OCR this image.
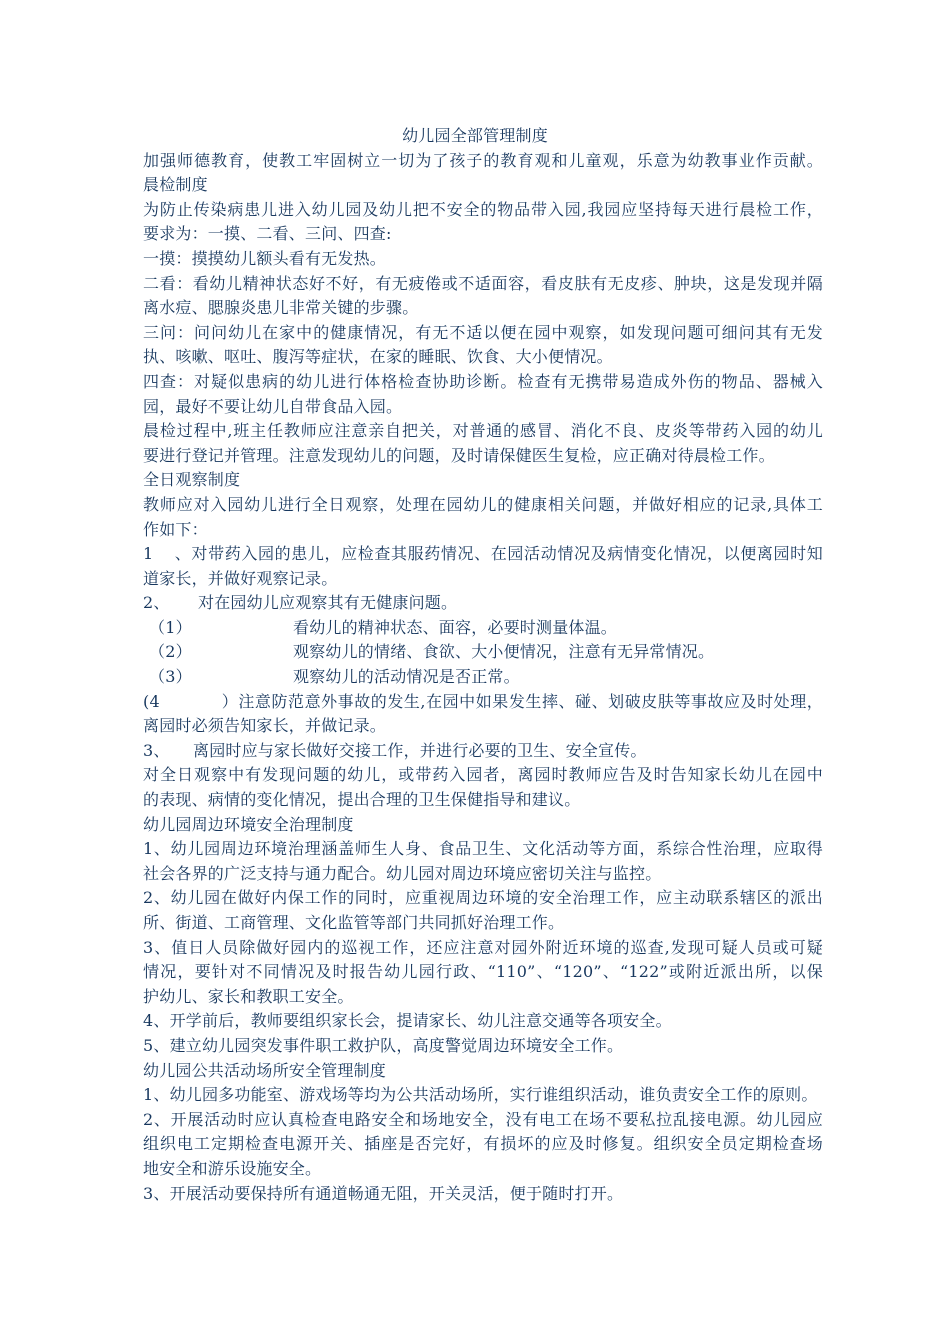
幼儿园全部管理制度
加强师德教育，使教工牢固树立一切为了孩子的教育观和儿童观，乐意为幼教事业作贡献。
晨检制度
为防止传染病患儿进入幼儿园及幼儿把不安全的物品带入园,我园应坚持每天进行晨检工作，
要求为：一摸、二看、三问、四查:
一摸：摸摸幼儿额头看有无发热。
二看：看幼儿精神状态好不好，有无疲倦或不适面容，看皮肤有无皮疹、肿块，这是发现并隔
离水痘、腮腺炎患儿非常关键的步骤。
三问：问问幼儿在家中的健康情况，有无不适以便在园中观察，如发现问题可细问其有无发
执、咳嗽、呕吐、腹泻等症状，在家的睡眠、饮食、大小便情况。
四查：对疑似患病的幼儿进行体格检查协助诊断。检查有无携带易造成外伤的物品、器械入
园，最好不要让幼儿自带食品入园。
晨检过程中,班主任教师应注意亲自把关，对普通的感冒、消化不良、皮炎等带药入园的幼儿
要进行登记并管理。注意发现幼儿的问题，及时请保健医生复检，应正确对待晨检工作。
全日观察制度
教师应对入园幼儿进行全日观察，处理在园幼儿的健康相关问题，并做好相应的记录,具体工
作如下：
1、对带药入园的患儿，应检查其服药情况、在园活动情况及病情变化情况，以便离园时知
道家长，并做好观察记录。
2、 对在园幼儿应观察其有无健康问题。
（1）	看幼儿的精神状态、面容，必要时测量体温。
（2）	观察幼儿的情绪、食欲、大小便情况，注意有无异常情况。
（3）	观察幼儿的活动情况是否正常。
(4）注意防范意外事故的发生,在园中如果发生摔、碰、划破皮肤等事故应及时处理，
离园时必须告知家长，并做记录。
3、 离园时应与家长做好交接工作，并进行必要的卫生、安全宣传。
对全日观察中有发现问题的幼儿，或带药入园者，离园时教师应告及时告知家长幼儿在园中
的表现、病情的变化情况，提出合理的卫生保健指导和建议。
幼儿园周边环境安全治理制度
1、幼儿园周边环境治理涵盖师生人身、食品卫生、文化活动等方面，系综合性治理，应取得
社会各界的广泛支持与通力配合。幼儿园对周边环境应密切关注与监控。
2、幼儿园在做好内保工作的同时，应重视周边环境的安全治理工作，应主动联系辖区的派出
所、街道、工商管理、文化监管等部门共同抓好治理工作。
3、值日人员除做好园内的巡视工作，还应注意对园外附近环境的巡查,发现可疑人员或可疑
情况，要针对不同情况及时报告幼儿园行政、“110”、“120”、“122”或附近派出所，以保
护幼儿、家长和教职工安全。
4、开学前后，教师要组织家长会，提请家长、幼儿注意交通等各项安全。
5、建立幼儿园突发事件职工救护队，高度警觉周边环境安全工作。
幼儿园公共活动场所安全管理制度
1、幼儿园多功能室、游戏场等均为公共活动场所，实行谁组织活动，谁负责安全工作的原则。
2、开展活动时应认真检查电路安全和场地安全，没有电工在场不要私拉乱接电源。幼儿园应
组织电工定期检查电源开关、插座是否完好，有损坏的应及时修复。组织安全员定期检查场
地安全和游乐设施安全。
3、开展活动要保持所有通道畅通无阻，开关灵活，便于随时打开。
